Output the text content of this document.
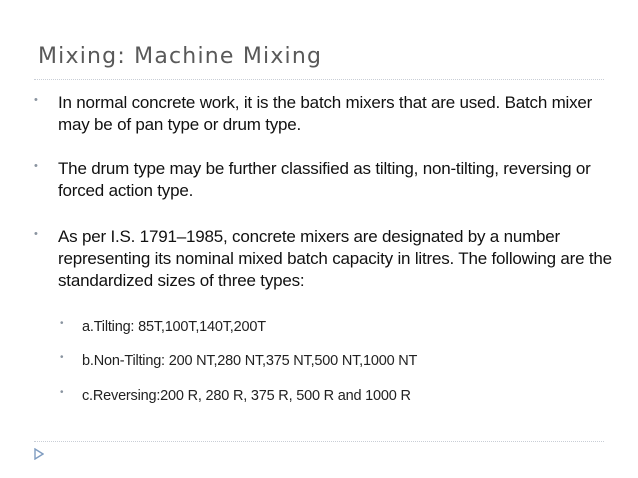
Mixing: Machine Mixing
• In normal concrete work, it is the batch mixers that are used. Batch mixer may be of pan type or drum type.
• The drum type may be further classified as tilting, non-tilting, reversing or forced action type.
• As per I.S. 1791–1985, concrete mixers are designated by a number representing its nominal mixed batch capacity in litres. The following are the standardized sizes of three types:
• a.Tilting: 85T,100T,140T,200T
• b.Non-Tilting: 200 NT,280 NT,375 NT,500 NT,1000 NT
• c.Reversing:200 R, 280 R, 375 R, 500 R and 1000 R
